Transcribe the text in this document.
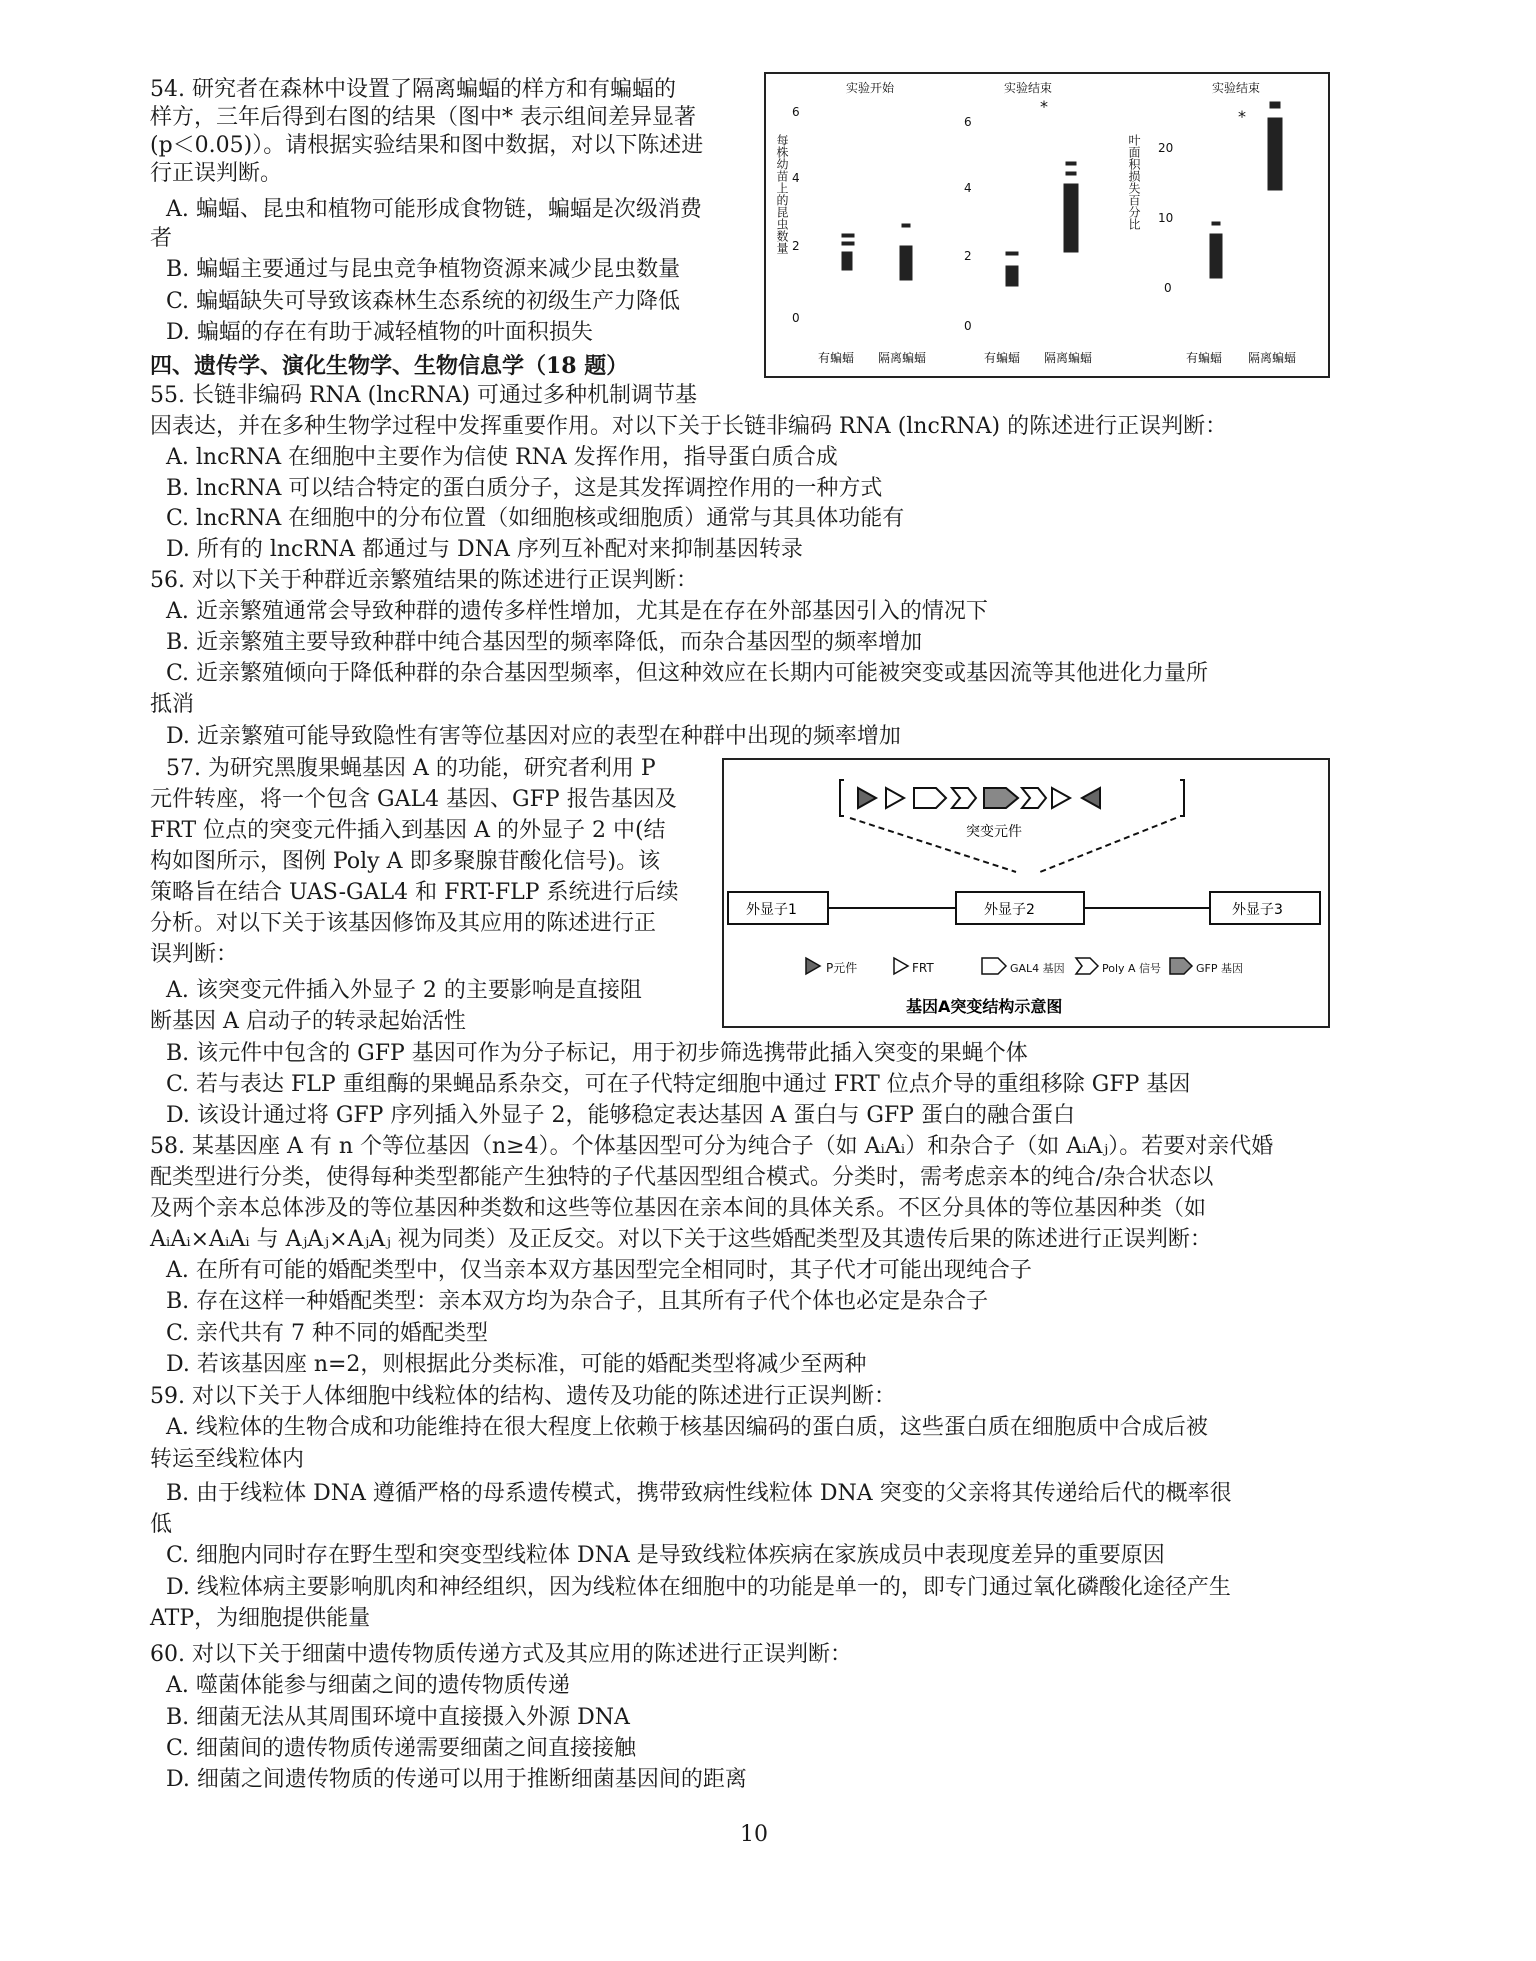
54. 研究者在森林中设置了隔离蝙蝠的样方和有蝙蝠的
样方，三年后得到右图的结果（图中* 表示组间差异显著
(p＜0.05)）。请根据实验结果和图中数据，对以下陈述进
行正误判断。
A. 蝙蝠、昆虫和植物可能形成食物链，蝙蝠是次级消费
者
B. 蝙蝠主要通过与昆虫竞争植物资源来减少昆虫数量
C. 蝙蝠缺失可导致该森林生态系统的初级生产力降低
D. 蝙蝠的存在有助于减轻植物的叶面积损失
实验开始	实验结束	实验结束
每株幼苗上的昆虫数量	叶面积损失百分比
6
4
2
0
6
4
2
0
20
10
0
*
*
有蝙蝠 隔离蝙蝠	有蝙蝠 隔离蝙蝠	有蝙蝠 隔离蝙蝠
四、遗传学、演化生物学、生物信息学（18 题）
55. 长链非编码 RNA (lncRNA) 可通过多种机制调节基
因表达，并在多种生物学过程中发挥重要作用。对以下关于长链非编码 RNA (lncRNA) 的陈述进行正误判断：
A. lncRNA 在细胞中主要作为信使 RNA 发挥作用，指导蛋白质合成
B. lncRNA 可以结合特定的蛋白质分子，这是其发挥调控作用的一种方式
C. lncRNA 在细胞中的分布位置（如细胞核或细胞质）通常与其具体功能有
D. 所有的 lncRNA 都通过与 DNA 序列互补配对来抑制基因转录
56. 对以下关于种群近亲繁殖结果的陈述进行正误判断：
A. 近亲繁殖通常会导致种群的遗传多样性增加，尤其是在存在外部基因引入的情况下
B. 近亲繁殖主要导致种群中纯合基因型的频率降低，而杂合基因型的频率增加
C. 近亲繁殖倾向于降低种群的杂合基因型频率，但这种效应在长期内可能被突变或基因流等其他进化力量所
抵消
D. 近亲繁殖可能导致隐性有害等位基因对应的表型在种群中出现的频率增加
57. 为研究黑腹果蝇基因 A 的功能，研究者利用 P
元件转座，将一个包含 GAL4 基因、GFP 报告基因及
FRT 位点的突变元件插入到基因 A 的外显子 2 中(结
构如图所示，图例 Poly A 即多聚腺苷酸化信号)。该
策略旨在结合 UAS-GAL4 和 FRT-FLP 系统进行后续
分析。对以下关于该基因修饰及其应用的陈述进行正
误判断：
A. 该突变元件插入外显子 2 的主要影响是直接阻
断基因 A 启动子的转录起始活性
B. 该元件中包含的 GFP 基因可作为分子标记，用于初步筛选携带此插入突变的果蝇个体
C. 若与表达 FLP 重组酶的果蝇品系杂交，可在子代特定细胞中通过 FRT 位点介导的重组移除 GFP 基因
D. 该设计通过将 GFP 序列插入外显子 2，能够稳定表达基因 A 蛋白与 GFP 蛋白的融合蛋白
突变元件
外显子1	外显子2	外显子3
P元件	FRT	GAL4 基因	Poly A 信号	GFP 基因
基因A突变结构示意图
58. 某基因座 A 有 n 个等位基因（n≥4）。个体基因型可分为纯合子（如 AᵢAᵢ）和杂合子（如 AᵢAⱼ）。若要对亲代婚
配类型进行分类，使得每种类型都能产生独特的子代基因型组合模式。分类时，需考虑亲本的纯合/杂合状态以
及两个亲本总体涉及的等位基因种类数和这些等位基因在亲本间的具体关系。不区分具体的等位基因种类（如
AᵢAᵢ×AᵢAᵢ 与 AⱼAⱼ×AⱼAⱼ 视为同类）及正反交。对以下关于这些婚配类型及其遗传后果的陈述进行正误判断：
A. 在所有可能的婚配类型中，仅当亲本双方基因型完全相同时，其子代才可能出现纯合子
B. 存在这样一种婚配类型：亲本双方均为杂合子，且其所有子代个体也必定是杂合子
C. 亲代共有 7 种不同的婚配类型
D. 若该基因座 n=2，则根据此分类标准，可能的婚配类型将减少至两种
59. 对以下关于人体细胞中线粒体的结构、遗传及功能的陈述进行正误判断：
A. 线粒体的生物合成和功能维持在很大程度上依赖于核基因编码的蛋白质，这些蛋白质在细胞质中合成后被
转运至线粒体内
B. 由于线粒体 DNA 遵循严格的母系遗传模式，携带致病性线粒体 DNA 突变的父亲将其传递给后代的概率很
低
C. 细胞内同时存在野生型和突变型线粒体 DNA 是导致线粒体疾病在家族成员中表现度差异的重要原因
D. 线粒体病主要影响肌肉和神经组织，因为线粒体在细胞中的功能是单一的，即专门通过氧化磷酸化途径产生
ATP，为细胞提供能量
60. 对以下关于细菌中遗传物质传递方式及其应用的陈述进行正误判断：
A. 噬菌体能参与细菌之间的遗传物质传递
B. 细菌无法从其周围环境中直接摄入外源 DNA
C. 细菌间的遗传物质传递需要细菌之间直接接触
D. 细菌之间遗传物质的传递可以用于推断细菌基因间的距离
10
